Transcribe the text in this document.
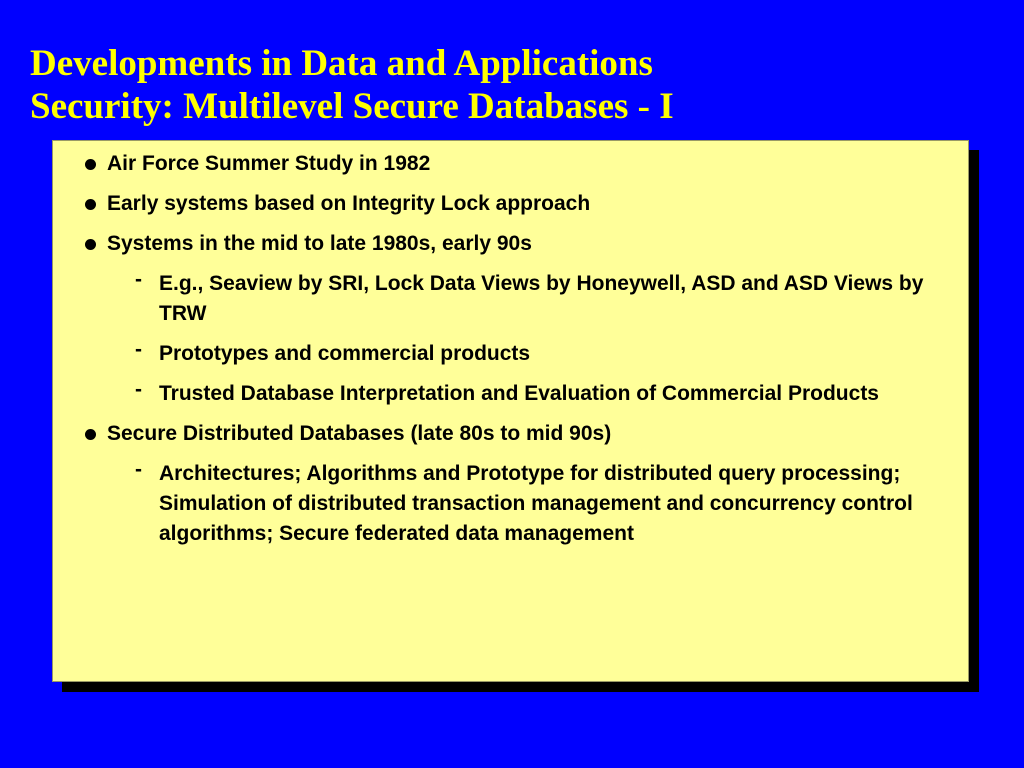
Developments in Data and Applications
Security: Multilevel Secure Databases - I
Air Force Summer Study in 1982
Early systems based on Integrity Lock approach
Systems in the mid to late 1980s, early 90s
- E.g., Seaview by SRI, Lock Data Views by Honeywell, ASD and ASD Views by TRW
- Prototypes and commercial products
- Trusted Database Interpretation and Evaluation of Commercial Products
Secure Distributed Databases (late 80s to mid 90s)
- Architectures; Algorithms and Prototype for distributed query processing; Simulation of distributed transaction management and concurrency control algorithms; Secure federated data management
